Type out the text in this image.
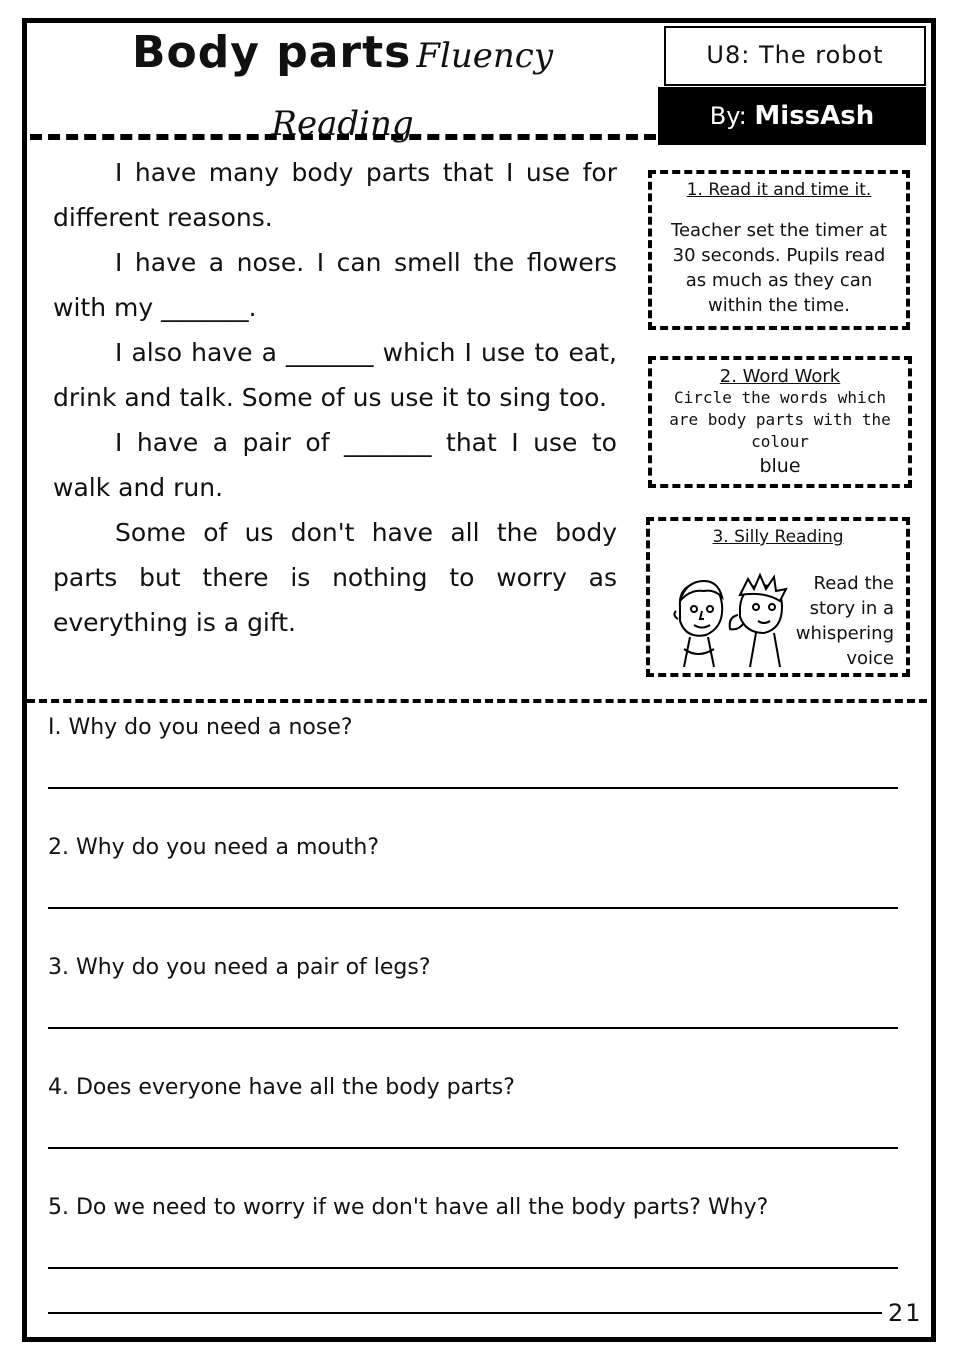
Body parts Fluency
Reading
U8: The robot
By: MissAsh

I have many body parts that I use for different reasons.

I have a nose. I can smell the flowers with my _______.

I also have a _______ which I use to eat, drink and talk. Some of us use it to sing too.

I have a pair of _______ that I use to walk and run.

Some of us don't have all the body parts but there is nothing to worry as everything is a gift.

1. Read it and time it.
Teacher set the timer at 30 seconds. Pupils read as much as they can within the time.
2. Word Work
Circle the words which are body parts with the colour
blue
3. Silly Reading
Read the story in a whispering voice
I. Why do you need a nose?
2. Why do you need a mouth?
3. Why do you need a pair of legs?
4. Does everyone have all the body parts?
5. Do we need to worry if we don't have all the body parts? Why?
21
